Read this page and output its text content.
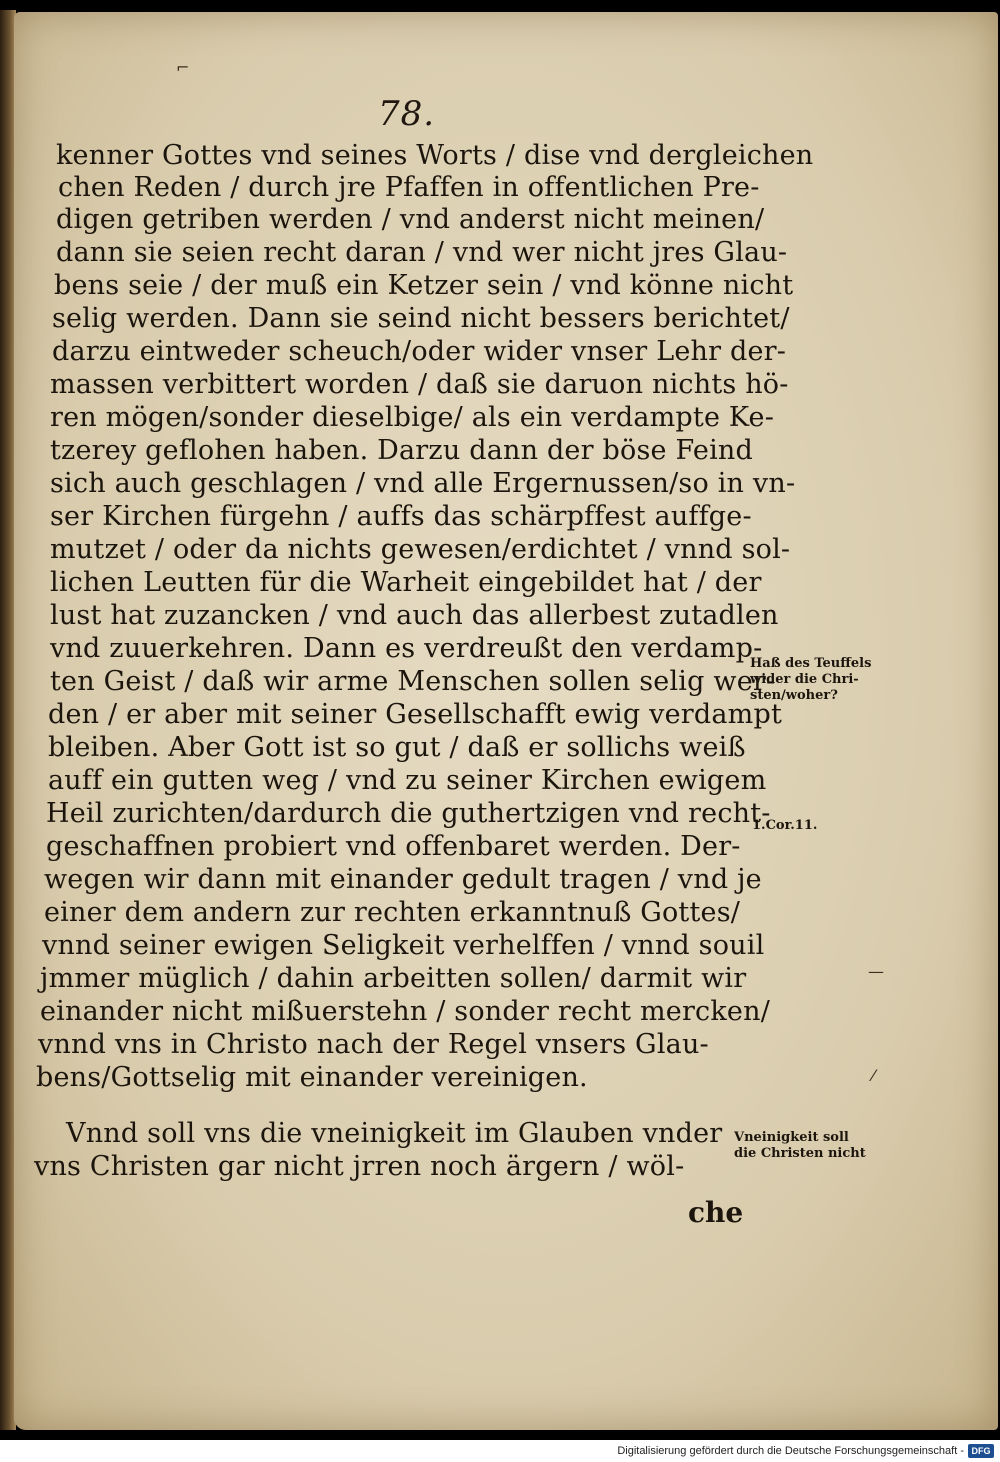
⌐
—
⁄
78.
kenner Gottes vnd seines Worts / dise vnd dergleichen
chen Reden / durch jre Pfaffen in offentlichen Pre-
digen getriben werden / vnd anderst nicht meinen/
dann sie seien recht daran / vnd wer nicht jres Glau-
bens seie / der muß ein Ketzer sein / vnd könne nicht
selig werden. Dann sie seind nicht bessers berichtet/
darzu eintweder scheuch/oder wider vnser Lehr der-
massen verbittert worden / daß sie daruon nichts hö-
ren mögen/sonder dieselbige/ als ein verdampte Ke-
tzerey geflohen haben. Darzu dann der böse Feind
sich auch geschlagen / vnd alle Ergernussen/so in vn-
ser Kirchen fürgehn / auffs das schärpffest auffge-
mutzet / oder da nichts gewesen/erdichtet / vnnd sol-
lichen Leutten für die Warheit eingebildet hat / der
lust hat zuzancken / vnd auch das allerbest zutadlen
vnd zuuerkehren. Dann es verdreußt den verdamp-
ten Geist / daß wir arme Menschen sollen selig wer-
den / er aber mit seiner Gesellschafft ewig verdampt
bleiben. Aber Gott ist so gut / daß er sollichs weiß
auff ein gutten weg / vnd zu seiner Kirchen ewigem
Heil zurichten/dardurch die guthertzigen vnd recht-
geschaffnen probiert vnd offenbaret werden. Der-
wegen wir dann mit einander gedult tragen / vnd je
einer dem andern zur rechten erkanntnuß Gottes/
vnnd seiner ewigen Seligkeit verhelffen / vnnd souil
jmmer müglich / dahin arbeitten sollen/ darmit wir
einander nicht mißuerstehn / sonder recht mercken/
vnnd vns in Christo nach der Regel vnsers Glau-
bens/Gottselig mit einander vereinigen.
Vnnd soll vns die vneinigkeit im Glauben vnder
vns Christen gar nicht jrren noch ärgern / wöl-
Haß des Teuffels
wider die Chri-
sten/woher?
1.Cor.11.
Vneinigkeit soll
die Christen nicht
che
Digitalisierung gefördert durch die Deutsche Forschungsgemeinschaft - DFG
